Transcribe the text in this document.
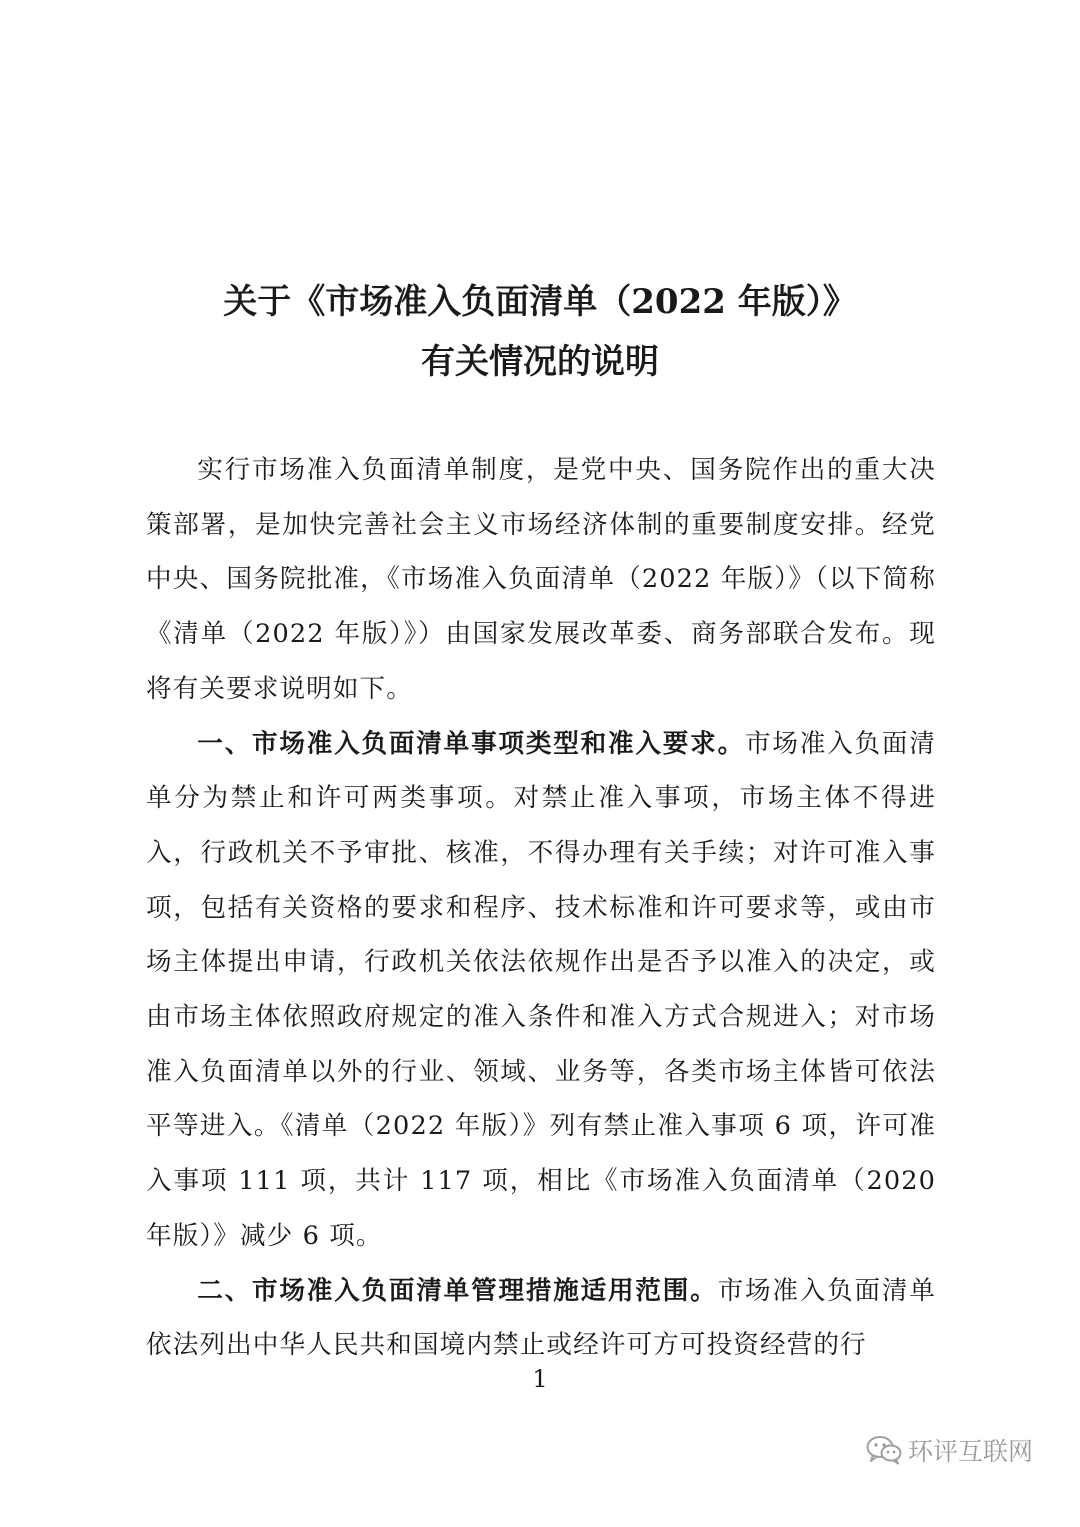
关于《市场准入负面清单（2022 年版）》
有关情况的说明

实行市场准入负面清单制度，是党中央、国务院作出的重大决策部署，是加快完善社会主义市场经济体制的重要制度安排。经党中央、国务院批准，《市场准入负面清单（2022 年版）》（以下简称《清单（2022 年版）》）由国家发展改革委、商务部联合发布。现将有关要求说明如下。

一、市场准入负面清单事项类型和准入要求。市场准入负面清单分为禁止和许可两类事项。对禁止准入事项，市场主体不得进入，行政机关不予审批、核准，不得办理有关手续；对许可准入事项，包括有关资格的要求和程序、技术标准和许可要求等，或由市场主体提出申请，行政机关依法依规作出是否予以准入的决定，或由市场主体依照政府规定的准入条件和准入方式合规进入；对市场准入负面清单以外的行业、领域、业务等，各类市场主体皆可依法平等进入。《清单（2022 年版）》列有禁止准入事项 6 项，许可准入事项 111 项，共计 117 项，相比《市场准入负面清单（2020 年版）》减少 6 项。

二、市场准入负面清单管理措施适用范围。市场准入负面清单依法列出中华人民共和国境内禁止或经许可方可投资经营的行

1
环评互联网
